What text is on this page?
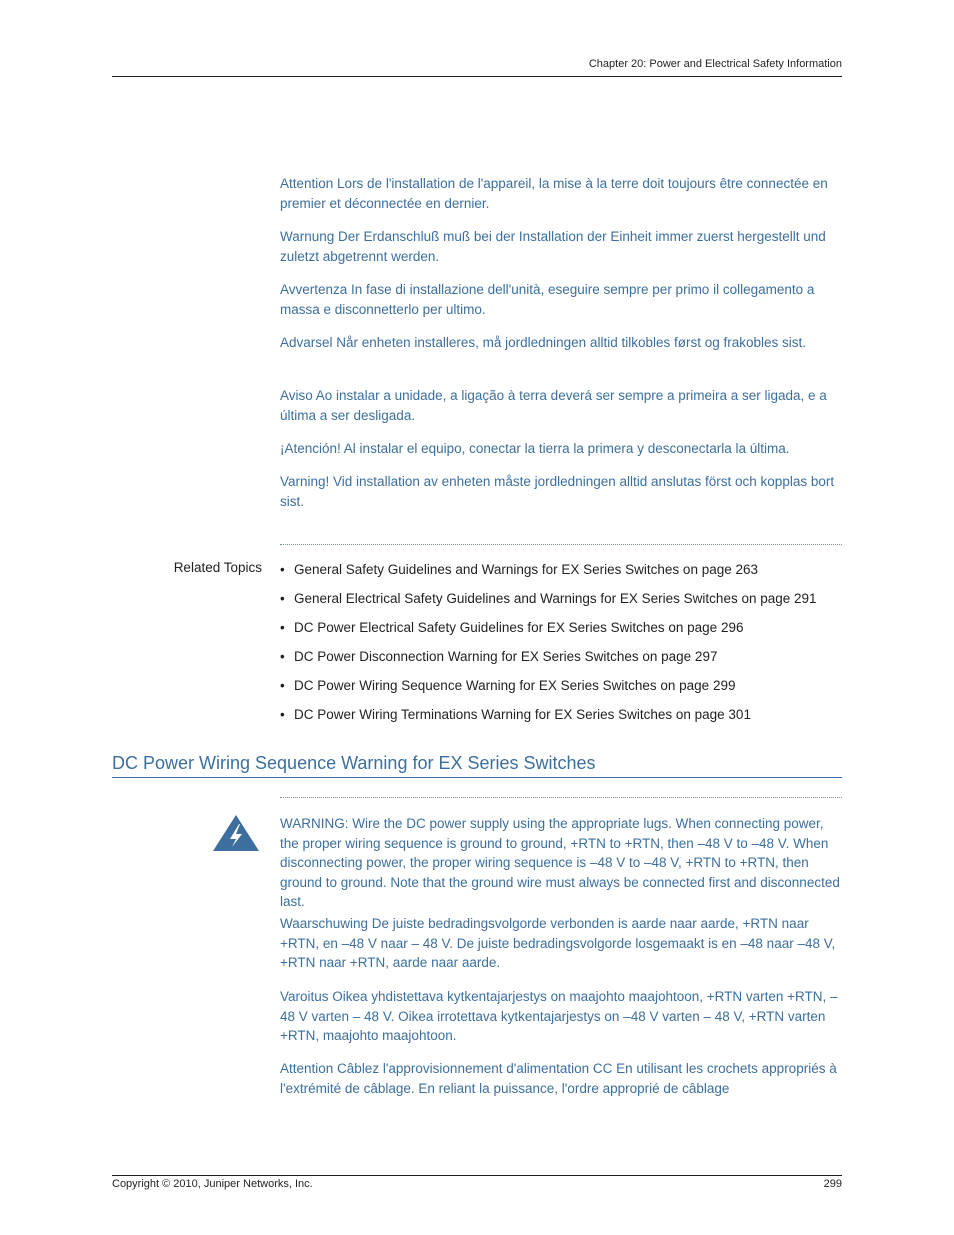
Chapter 20: Power and Electrical Safety Information
Attention Lors de l'installation de l'appareil, la mise à la terre doit toujours être connectée en premier et déconnectée en dernier.
Warnung Der Erdanschluß muß bei der Installation der Einheit immer zuerst hergestellt und zuletzt abgetrennt werden.
Avvertenza In fase di installazione dell'unità, eseguire sempre per primo il collegamento a massa e disconnetterlo per ultimo.
Advarsel Når enheten installeres, må jordledningen alltid tilkobles først og frakobles sist.
Aviso Ao instalar a unidade, a ligação à terra deverá ser sempre a primeira a ser ligada, e a última a ser desligada.
¡Atención! Al instalar el equipo, conectar la tierra la primera y desconectarla la última.
Varning! Vid installation av enheten måste jordledningen alltid anslutas först och kopplas bort sist.
Related Topics • General Safety Guidelines and Warnings for EX Series Switches on page 263
• General Electrical Safety Guidelines and Warnings for EX Series Switches on page 291
• DC Power Electrical Safety Guidelines for EX Series Switches on page 296
• DC Power Disconnection Warning for EX Series Switches on page 297
• DC Power Wiring Sequence Warning for EX Series Switches on page 299
• DC Power Wiring Terminations Warning for EX Series Switches on page 301
DC Power Wiring Sequence Warning for EX Series Switches
WARNING: Wire the DC power supply using the appropriate lugs. When connecting power, the proper wiring sequence is ground to ground, +RTN to +RTN, then –48 V to –48 V. When disconnecting power, the proper wiring sequence is –48 V to –48 V, +RTN to +RTN, then ground to ground. Note that the ground wire must always be connected first and disconnected last.
Waarschuwing De juiste bedradingsvolgorde verbonden is aarde naar aarde, +RTN naar +RTN, en –48 V naar – 48 V. De juiste bedradingsvolgorde losgemaakt is en –48 naar –48 V, +RTN naar +RTN, aarde naar aarde.
Varoitus Oikea yhdistettava kytkentajarjestys on maajohto maajohtoon, +RTN varten +RTN, –48 V varten – 48 V. Oikea irrotettava kytkentajarjestys on –48 V varten – 48 V, +RTN varten +RTN, maajohto maajohtoon.
Attention Câblez l'approvisionnement d'alimentation CC En utilisant les crochets appropriés à l'extrémité de câblage. En reliant la puissance, l'ordre approprié de câblage
Copyright © 2010, Juniper Networks, Inc.	299
